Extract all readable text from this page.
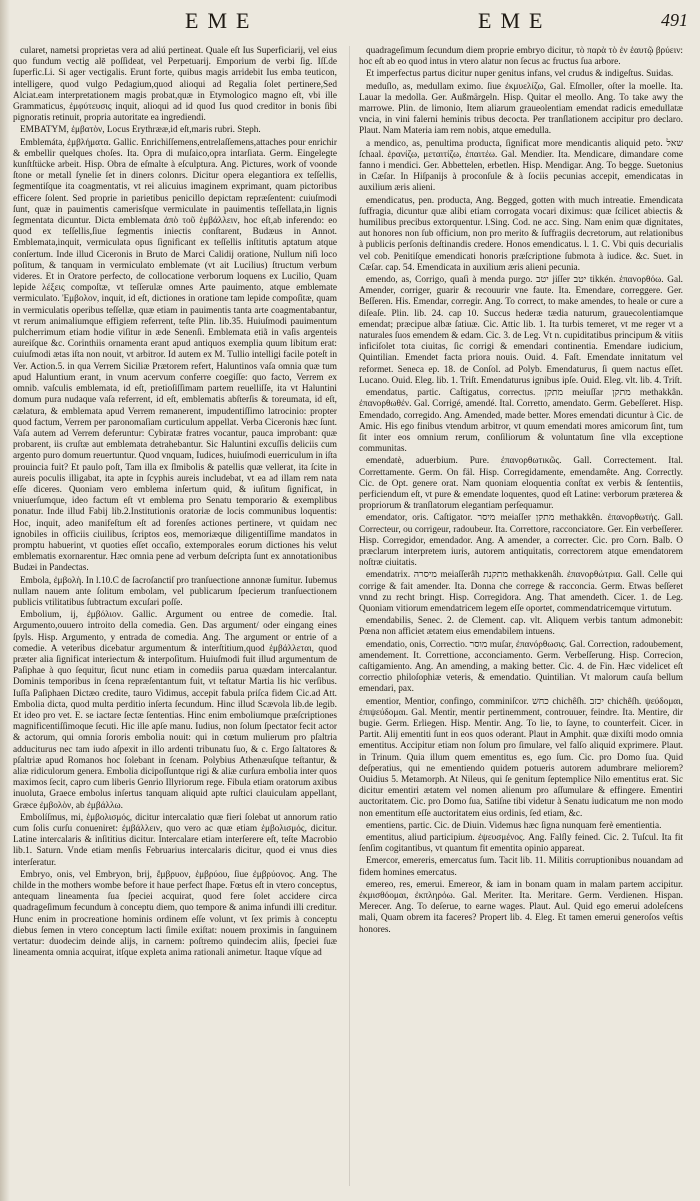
EME	EME	491

cularet, nametsi proprietas vera ad aliú pertineat. Quale eſt Ius Superficiarij, vel eius quo fundum vectig alē poſſideat, vel Perpetuarij. Emporium de verbi ſig. Iſſ.de ſuperfic.Li. Si ager vectigalis. Erunt forte, quibus magis arridebit Ius emba teuticon, intelligere, quod vulgo Pedagium,quod alioqui ad Regalia ſolet pertinere,Sed Alciat.eam interpretationem magis probat,quæ in Etymologico magno eſt, vbi ille Grammaticus, ἐμφύτευσις inquit, alioqui ad id quod Ius quod creditor in bonis ſibi pignoratis retinuit, propria autoritate ea ingrediendi.

EMBATYM, ἐμβατὸν, Locus Erythrææ,id eſt,maris rubri. Steph.

Emblemáta, ἐμβλήματα. Gallic. Enrichiſſemens,entrelaſſemens,attaches pour enrichir & embellir quelques choſes. Ita. Opra di muſaico,opra intarſiata. Germ. Eingelegte kunſtſtücke arbeit. Hisp. Obra de eſmalte à eſculptura. Ang. Pictures, work of voonde ſtone or metall ſynelie ſet in diners colonrs. Dicitur opera elegantiora ex teſſellis, ſegmentiſque ita coagmentatis, vt rei alicuius imaginem exprimant, quam pictoribus efficere ſolent. Sed proprie in parietibus penicillo depictam repræſentent: cuiuſmodi ſunt, quæ in pauimentis camerisſque vermiculate in pauimentis teſſellata,in lignis ſegmentata dicuntur. Dicta emblemata ἀπὸ τοῦ ἐμβάλλειν, hoc eſt,ab inferendo: eo quod ex teſſellis,ſiue ſegmentis iniectis conſtarent, Budæus in Annot. Emblemata,inquit, vermiculata opus ſignificant ex teſſellis inſtitutis aptatum atque conſertum. Inde illud Ciceronis in Bruto de Marci Calidij oratione, Nullum niſi loco poſitum, & tanquam in vermiculato emblemate (vt ait Lucilius) ſtructum verbum videres. Et in Oratore perfecto, de collocatione verborum loquens ex Lucilio, Quam lepide λέξεις compoſtæ, vt teſſerulæ omnes Arte pauimento, atque emblemate vermiculato. Ἐμβολον, inquit, id eſt, dictiones in oratione tam lepide compoſitæ, quam in vermiculatis operibus teſſellæ, quæ etiam in pauimentis tanta arte coagmentabantur, vt rerum animaliumque effigiem referrent, teſte Plin. lib.35. Huiuſmodi pauimentum pulcherrimum etiam hodie viſitur in æde Senenſi. Emblemata etiã in vaſis argenteis aureiſque &c. Corinthiis ornamenta erant apud antiquos exemplia quum libitum erat: cuiuſmodi ætas iſta non nouit, vt arbitror. Id autem ex M. Tullio intelligi facile poteſt in Ver. Action.5. in qua Verrem Siciliæ Prætorem refert, Haluntinos vaſa omnia quæ tum apud Haluntium erant, in vnum acervum conferre coegiſſe: quo facto, Verrem ex omnib. vaſculis emblemata, id eſt, pretioſiſſimam partem reuelliſſe, ita vt Haluntini domum pura nudaque vaſa referrent, id eſt, emblematis abſterſis & toreumata, id eſt, cælatura, & emblemata apud Verrem remanerent, impudentiſſimo latrocinio: propter quod factum, Verrem per paronomaſiam curticulum appellat. Verba Ciceronis hæc ſunt. Vaſa autem ad Verrem deferuntur: Cybiratæ fratres vocantur, pauca improbant: quæ probarent, iis cruſtæ aut emblemata detrahebantur. Sic Haluntini excuſſis deliciis cum argento puro domum reuertuntur. Quod vnquam, Iudices, huiuſmodi euerriculum in iſta prouincia fuit? Et paulo poſt, Tam illa ex ſlmibolis & patellis quæ vellerat, ita ſcite in aureis poculis illigabat, ita apte in ſcyphis aureis includebat, vt ea ad illam rem nata eſſe diceres. Quoniam vero emblema inſertum quid, & iuſitum ſignificat, in vniuerſumque, ideo factum eſt vt emblema pro Senatu temporario & exemplibus ponatur. Inde illud Fabij lib.2.Institutionis oratoriæ de locis communibus loquentis: Hoc, inquit, adeo manifeſtum eſt ad forenſes actiones pertinere, vt quidam nec ignobiles in officiis ciuilibus, ſcriptos eos, memoriæque diligentiſſime mandatos in promptu habuerint, vt quoties eſſet occaſio, extemporales eorum dictiones his velut emblematis exornarentur. Hæc omnia pene ad verbum deſcripta ſunt ex annotationibus Budæi in Pandectas.

Embola, ἐμβολὴ. In l.10.C de ſacroſanctiſ pro tranſuectione annonæ ſumitur. Iubemus nullam nauem ante ſolitum embolam, vel publicarum ſpecierum tranſuectionem publicis vtilitatibus ſubtractum excuſari poſſe.

Embolium, ij, ἐμβόλιον. Gallic. Argument ou entree de comedie. Ital. Argumento,ouuero introito della comedia. Gen. Das argument/ oder eingang eines ſpyls. Hisp. Argumento, y entrada de comedia. Ang. The argument or entrie of a comedie. A veteribus dicebatur argumentum & interſtitium,quod ἐμβάλλεται, quod præter alia ſignificat interiectum & interpoſitum. Huiuſmodi fuit illud argumentum de Paſiphae à quo ſequitur, ſicut nunc etiam in comediis parua quædam intercalantur. Dominis temporibus in ſcena repræſentantum fuit, vt teſtatur Martia lis hic verſibus. Iuſſa Paſiphaen Dictæo credite, tauro Vidimus, accepit fabula priſca fidem Cic.ad Att. Embolia dicta, quod multa perditio inſerta ſecundum. Hinc illud Scævola lib.de legib. Et ideo pro vet. E. se iactare ſectæ ſententias. Hinc enim emboliumque præſcriptiones magnificentiſſimoque ſecuti. Hic ille apſe manu. Iudius, non ſolum ſpectator fecit actor & actorum, qui omnia ſororis embolia nouit: qui in cœtum mulierum pro pſaltria adduciturus nec tam iudo aſpexit in illo ardenti tribunatu ſuo, & c. Ergo ſaltatores & pſaltriæ apud Romanos hoc ſolebant in ſcenam. Polybius Athenæuſque teſtantur, & aliæ ridiculorum genera. Embolia dicipoſſuntque rigi & aliæ curſura embolia inter quos maximos ſecit, capro cum liberis Genrio Illyriorum rege. Fibula etiam oratorum axibus inuoluta, Graece embolus inſertus tanquam aliquid apte ruſtici clauiculam appellant, Græce ἐμβολὸν, ab ἐμβάλλω.

Embolíſmus, mi, ἐμβολισμός, dicitur intercalatio quæ fieri ſolebat ut annorum ratio cum ſolis curſu conueniret: ἐμβάλλειν, quo vero ac quæ etiam ἐμβολισμός, dicitur. Latine intercalaris & inſititius dicitur. Intercalare etiam interſerere eſt, teſte Macrobio lib.1. Saturn. Vnde etiam menſis Februarius intercalaris dicitur, quod ei vnus dies interſeratur.

Embryo, onis, vel Embryon, brij, ἔμβρυον, ἐμβρύου, ſiue ἐμβρύονος. Ang. The childe in the mothers wombe before it haue perfect ſhape. Fœtus eſt in vtero conceptus, antequam lineamenta ſua ſpeciei acquirat, quod fere ſolet accidere circa quadrageſimum fecundum à conceptu diem, quo tempore & anima infundi illi creditur. Hunc enim in procreatione hominis ordinem eſſe volunt, vt ſex primis à conceptu diebus ſemen in vtero conceptum lacti ſimile exiſtat: nouem proximis in ſanguinem vertatur: duodecim deinde alijs, in carnem: poſtremo quindecim aliis, ſpeciei ſuæ lineamenta omnia acquirat, itſque expleta anima rationali animetur. Itaque vſque ad

quadrageſimum ſecundum diem proprie embryo dicitur, τὸ παρὰ τὸ ἐν ἑαυτῷ βρύειν: hoc eſt ab eo quod intus in vtero alatur non ſecus ac fructus ſua arbore.

Et imperfectus partus dicitur nuper genitus infans, vel crudus & indigeſtus. Suidas.

meduſlo, as, medullam eximo. ſiue ἐκμυελίζω, Gal. Eſmoller, oſter la moelle. Ita. Lauar la medolla. Ger. Außmärgeln. Hisp. Quitar el meollo. Ang. To take awy the marrowe. Plin. de limonio, Item aliarum graueolentiam emendat radicis emedullatæ vncia, in vini falerni heminis tribus decocta. Per tranſlationem accipitur pro declaro. Plaut. Nam Materia iam rem nobis, atque emedulla.

a mendico, as, penultima producta, ſignificat more mendicantis aliquid peto. שאל ſchaal. ἐρανίζω, μεταιτίζω, ἐπαιτέω. Gal. Mendier. Ita. Mendicare, dimandare come fanno i mendici. Ger. Abbettelen, erbetlen. Hisp. Mendigar. Ang. To begge. Suetonius in Cæſar. In Hiſpanijs à proconſule & à ſociis pecunias accepit, emendicatas in auxilium æris alieni.

emendicatus, pen. producta, Ang. Begged, gotten with much intreatie. Emendicata ſuffragia, dicuntur quæ alibi etiam corrogata vocari diximus: quæ ſcilicet abiectis & humilibus precibus extorquentur. l.Sing. Cod. ne acc. Sing. Nam enim quæ dignitates, aut honores non ſub officium, non pro merito & ſuffragiis decretorum, aut relationibus à publicis perſonis deſtinandis credere. Honos emendicatus. l. 1. C. Vbi quis decurialis vel cob. Penitiſque emendicati honoris præſcriptione ſubmota à iudice. &c. Suet. in Cæſar. cap. 54. Emendicata in auxilium æris alieni pecunia.

emendo, as, Corrigo, quaſi à menda purgo. יטב jiſſer יטב tikkén. ἐπανορθόω. Gal. Amender, corriger, guarir & recouurir vne faute. Ita. Emendare, correggere. Ger. Beſſeren. His. Emendar, corregir. Ang. To correct, to make amendes, to heale or cure a diſeaſe. Plin. lib. 24. cap 10. Succus hederæ tædia naturum, grauecolentiamque emendat; præcipue albæ ſatiuæ. Cic. Attic lib. 1. Ita turbis temeret, vt me reger vt a naturales ſuos emendem & edam. Cic. 3. de Leg. Vt n. cupiditatibus principum & vitiis inficiſolet tota ciuitas, ſic corrigi & emendari continentia. Emendare iudicium, Quintilian. Emendet facta priora nouis. Ouid. 4. Faſt. Emendate innitatum vel reformet. Seneca ep. 18. de Conſol. ad Polyb. Emendaturus, ſi quem nactus eſſet. Lucano. Ouid. Eleg. lib. 1. Triſt. Emendaturus ignibus ipſe. Ouid. Eleg. vlt. lib. 4. Triſt.

emendatus, partic. Caſtigatus, correctus. מתקן meiuſſar מתקן methakkân. ἐπανορθωθέν. Gal. Corrigé, amendé. Ital. Corretto, amendato. Germ. Gebeſſeret. Hisp. Emendado, corregido. Ang. Amended, made better. Mores emendati dicuntur à Cic. de Amic. His ego finibus vtendum arbitror, vt quum emendati mores amicorum ſint, tum ſit inter eos omnium rerum, conſiliorum & voluntatum ſine vlla exceptione communitas.

emendatè, aduerbium. Pure. ἐπανορθωτικῶς. Gall. Correctement. Ital. Correttamente. Germ. On fäl. Hisp. Corregidamente, emendamête. Ang. Correctly. Cic. de Opt. genere orat. Nam quoniam eloquentia conſtat ex verbis & ſententiis, perficiendum eſt, vt pure & emendate loquentes, quod eſt Latine: verborum præterea & propriorum & tranſlatorum elegantiam perſequamur.

emendator, oris. Caſtigator. מיסר meiaſſer מתקן methakkên. ἐπανορθωτής. Gall. Correcteur, ou corrigeur, radoubeur. Ita. Correttore, racconciatore. Ger. Ein verbeſſerer. Hisp. Corregidor, emendador. Ang. A amender, a correcter. Cic. pro Corn. Balb. O præclarum interpretem iuris, autorem antiquitatis, correctorem atque emendatorem noſtræ ciuitatis.

emendatrix. מיסרה meiaſſerâh מתקנת methakkenâh. ἐπανορθώτρια. Gall. Celle qui corrige & fait amender. Ita. Donna che correge & racconcia. Germ. Etwas beſſeret vnnd zu recht bringt. Hisp. Corregidora. Ang. That amendeth. Cicer. 1. de Leg. Quoniam vitiorum emendatricem legem eſſe oportet, commendatricemque virtutum.

emendabilis, Senec. 2. de Clement. cap. vlt. Aliquem verbis tantum admonebit: Pœna non afficiet ætatem eius emendabilem intuens.

emendatio, onis, Correctio. מוסר muſar, ἐπανόρθωσις. Gal. Correction, radoubement, amendement. It. Correttione, acconciamento. Germ. Verbeſſerung. Hisp. Correcion, caſtigamiento. Ang. An amending, a making better. Cic. 4. de Fin. Hæc videlicet eſt correctio philoſophiæ veteris, & emendatio. Quintilian. Vt malorum cauſa bellum emendari, pax.

ementior, Mentior, confingo, comminiſcor. כחש chichêſh. יכזב chichêſh. ψεύδομαι, ἐπιψεύδομαι. Gal. Mentir, mentir pertinemment, controuuer, feindre. Ita. Mentire, dir bugie. Germ. Erliegen. Hisp. Mentir. Ang. To lie, to ſayne, to counterfeit. Cicer. in Partit. Alij ementiti ſunt in eos quos oderant. Plaut in Amphit. quæ dixiſti modo omnia ementitus. Accipitur etiam non ſolum pro ſimulare, vel falſo aliquid exprimere. Plaut. in Trinum. Quia illum quem ementitus es, ego ſum. Cic. pro Domo ſua. Quid deſperatius, qui ne ementiendo quidem potueris autorem adumbrare meliorem? Ouidius 5. Metamorph. At Nileus, qui ſe genitum ſeptemplice Nilo ementitus erat. Sic dicitur ementiri ætatem vel nomen alienum pro aſſumulare & effingere. Ementiri auctoritatem. Cic. pro Domo ſua, Satiſne tibi videtur à Senatu iudicatum me non modo non ementitum eſſe auctoritatem eius ordinis, ſed etiam, &c.

ementiens, partic. Cic. de Diuin. Videmus hæc ſigna nunquam ferè ementientia.

ementitus, aliud participium. ἐψευσμένος. Ang. Falſly feined. Cic. 2. Tuſcul. Ita fit ſenſim cogitantibus, vt quantum fit ementita opinio appareat.

Emercor, emereris, emercatus ſum. Tacit lib. 11. Militis corruptionibus nouandam ad fidem homines emercatus.

emereo, res, emerui. Emereor, & iam in bonam quam in malam partem accipitur. ἐκμισθόομαι, ἐκπληρόω. Gal. Meriter. Ita. Meritare. Germ. Verdienen. Hispan. Merecer. Ang. To deſerue, to earne wages. Plaut. Aul. Quid ego emerui adoleſcens mali, Quam obrem ita faceres? Propert lib. 4. Eleg. Et tamen emerui generoſos veſtis honores.
